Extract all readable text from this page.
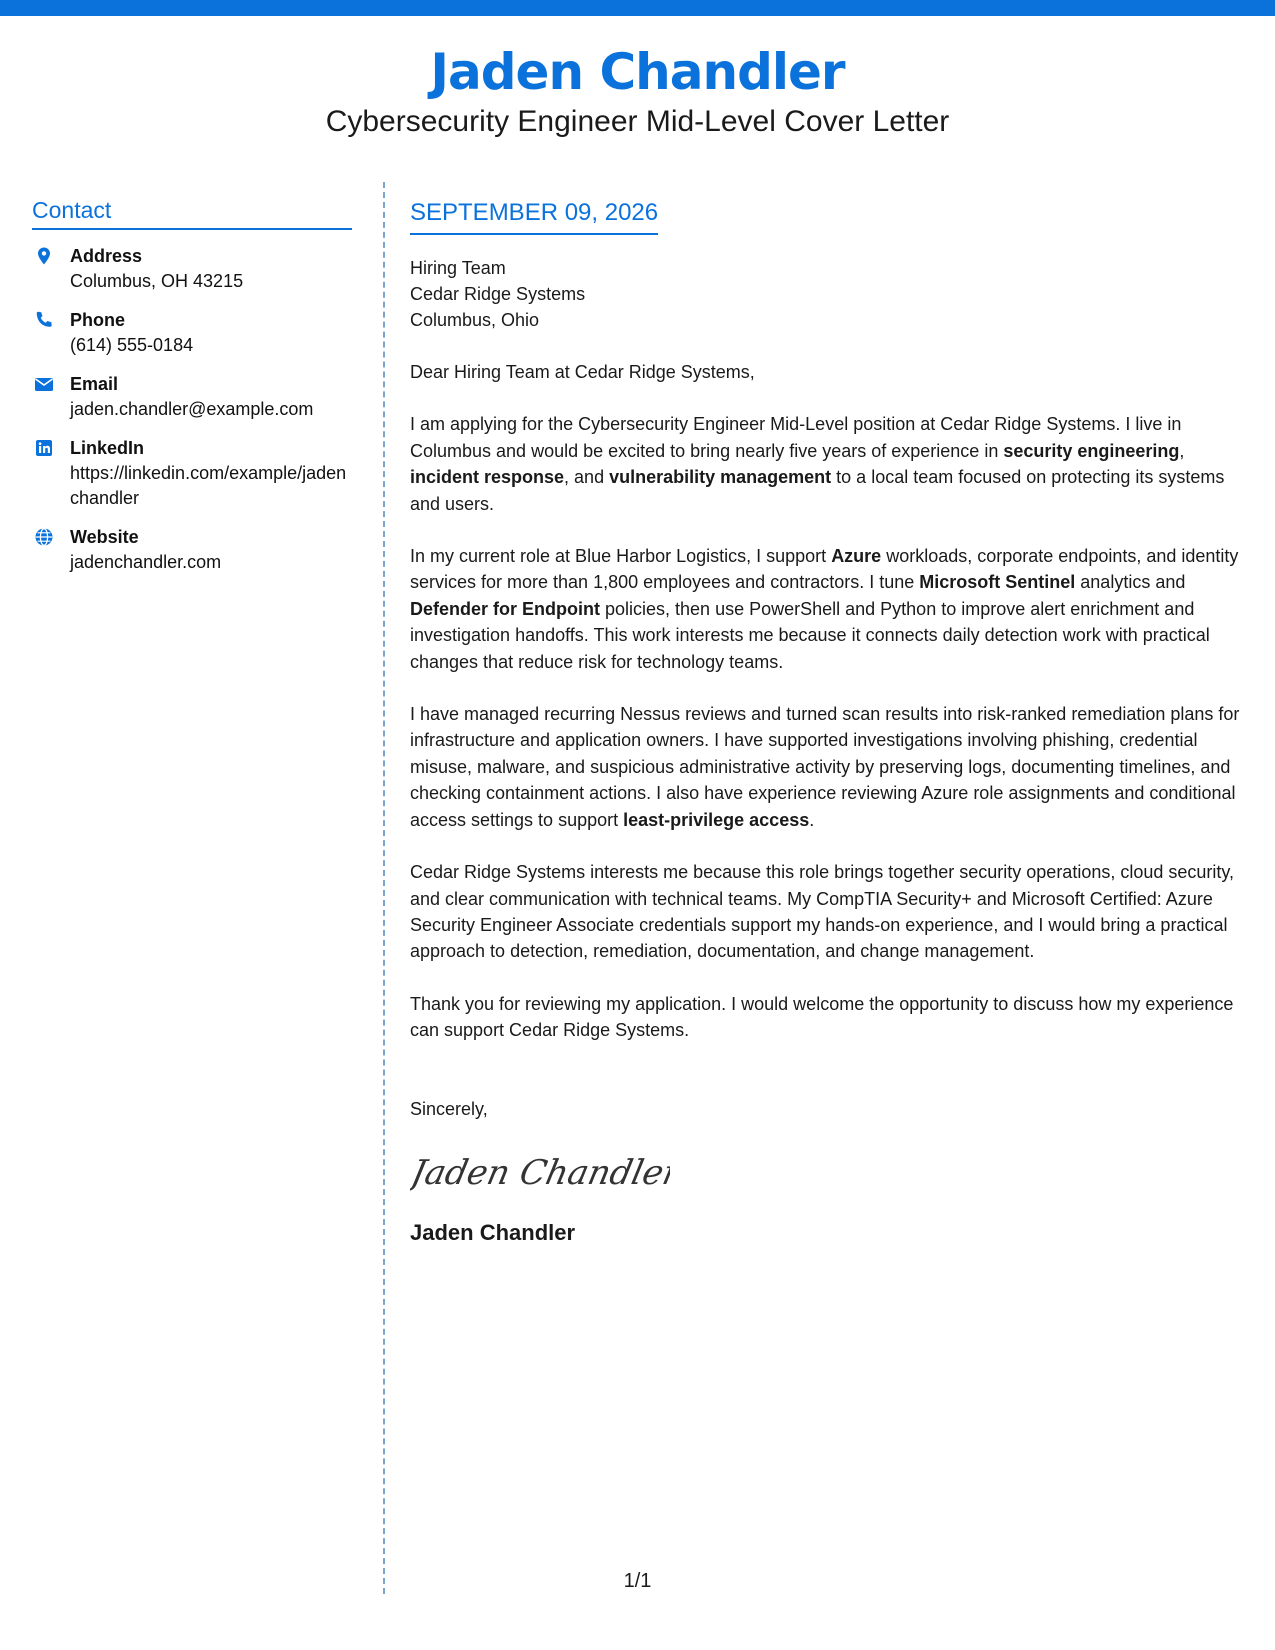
Jaden Chandler
Cybersecurity Engineer Mid-Level Cover Letter
Contact
Address
Columbus, OH 43215
Phone
(614) 555-0184
Email
jaden.chandler@example.com
LinkedIn
https://linkedin.com/example/jadenchandler
Website
jadenchandler.com
SEPTEMBER 09, 2026
Hiring Team
Cedar Ridge Systems
Columbus, Ohio

Dear Hiring Team at Cedar Ridge Systems,

I am applying for the Cybersecurity Engineer Mid-Level position at Cedar Ridge Systems. I live in Columbus and would be excited to bring nearly five years of experience in security engineering, incident response, and vulnerability management to a local team focused on protecting its systems and users.

In my current role at Blue Harbor Logistics, I support Azure workloads, corporate endpoints, and identity services for more than 1,800 employees and contractors. I tune Microsoft Sentinel analytics and Defender for Endpoint policies, then use PowerShell and Python to improve alert enrichment and investigation handoffs. This work interests me because it connects daily detection work with practical changes that reduce risk for technology teams.

I have managed recurring Nessus reviews and turned scan results into risk-ranked remediation plans for infrastructure and application owners. I have supported investigations involving phishing, credential misuse, malware, and suspicious administrative activity by preserving logs, documenting timelines, and checking containment actions. I also have experience reviewing Azure role assignments and conditional access settings to support least-privilege access.

Cedar Ridge Systems interests me because this role brings together security operations, cloud security, and clear communication with technical teams. My CompTIA Security+ and Microsoft Certified: Azure Security Engineer Associate credentials support my hands-on experience, and I would bring a practical approach to detection, remediation, documentation, and change management.

Thank you for reviewing my application. I would welcome the opportunity to discuss how my experience can support Cedar Ridge Systems.

Sincerely,
Jaden Chandler
Jaden Chandler
1/1
